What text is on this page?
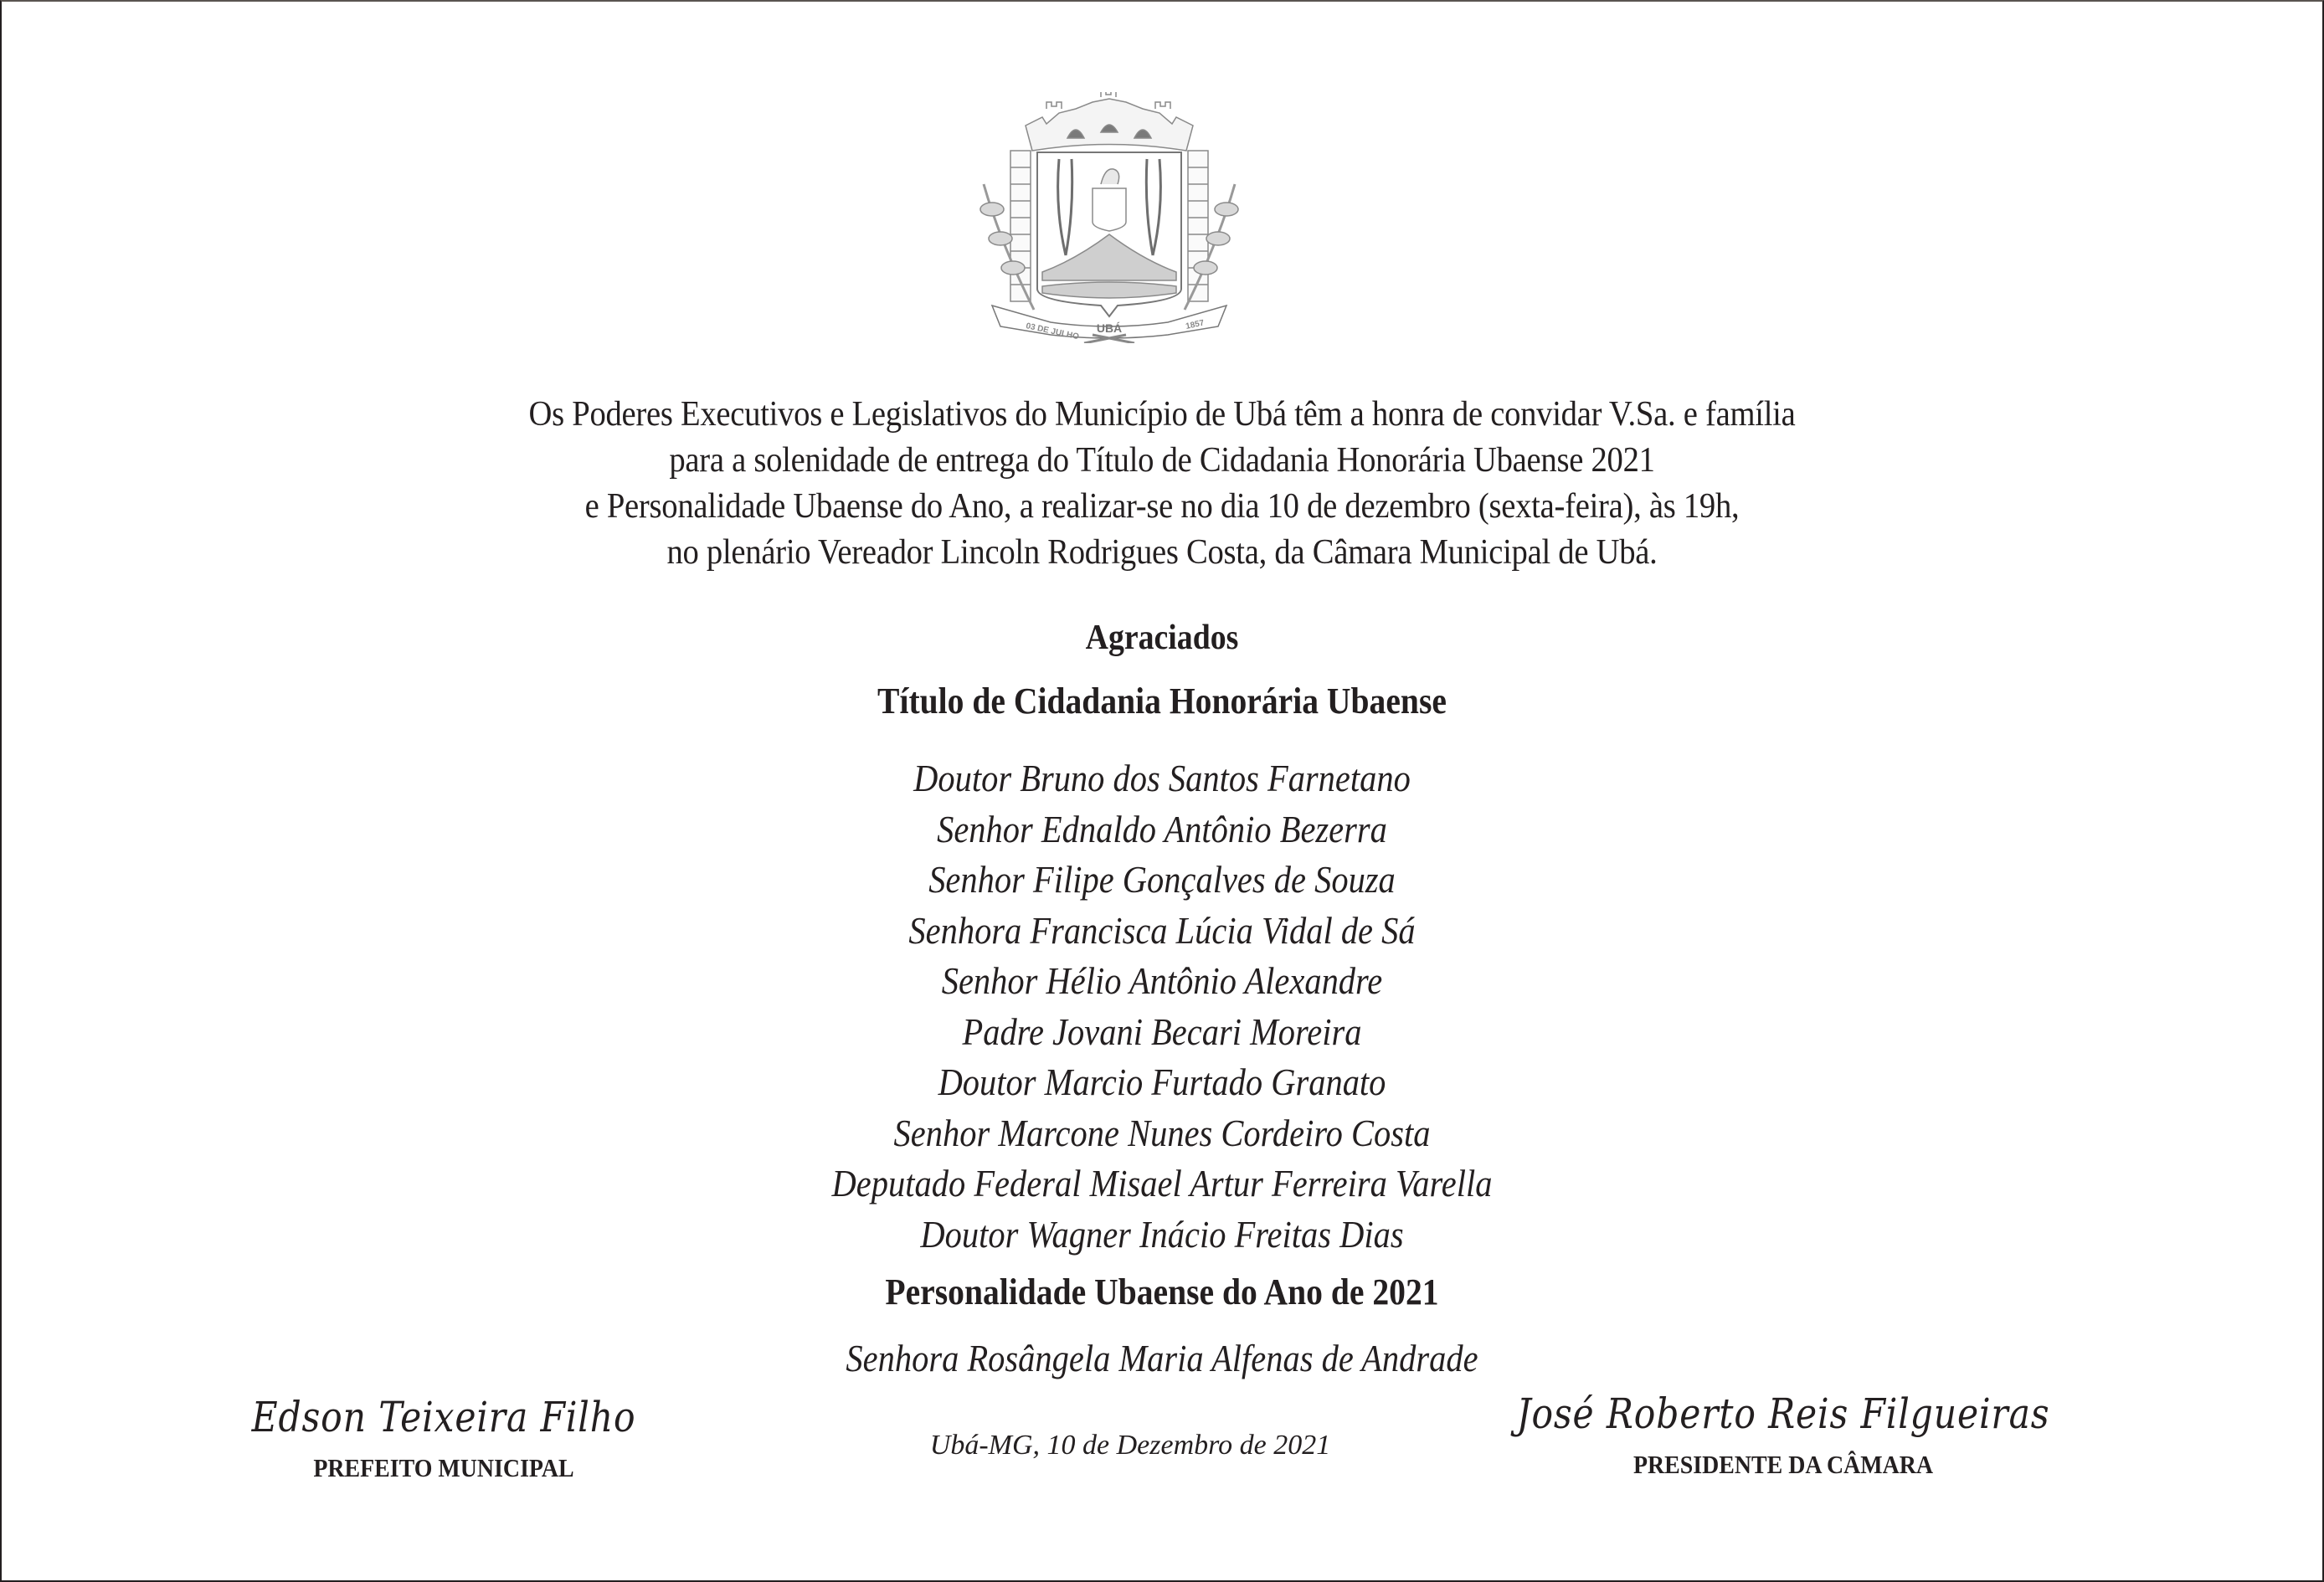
03 DE JULHO UBÁ	1857
Os Poderes Executivos e Legislativos do Município de Ubá têm a honra de convidar V.Sa. e família
para a solenidade de entrega do Título de Cidadania Honorária Ubaense 2021
e Personalidade Ubaense do Ano, a realizar-se no dia 10 de dezembro (sexta-feira), às 19h,
no plenário Vereador Lincoln Rodrigues Costa, da Câmara Municipal de Ubá.
Agraciados
Título de Cidadania Honorária Ubaense
Doutor Bruno dos Santos Farnetano
Senhor Ednaldo Antônio Bezerra
Senhor Filipe Gonçalves de Souza
Senhora Francisca Lúcia Vidal de Sá
Senhor Hélio Antônio Alexandre
Padre Jovani Becari Moreira
Doutor Marcio Furtado Granato
Senhor Marcone Nunes Cordeiro Costa
Deputado Federal Misael Artur Ferreira Varella
Doutor Wagner Inácio Freitas Dias
Personalidade Ubaense do Ano de 2021
Senhora Rosângela Maria Alfenas de Andrade
Edson Teixeira Filho
PREFEITO MUNICIPAL
Ubá-MG, 10 de Dezembro de 2021
José Roberto Reis Filgueiras
PRESIDENTE DA CÂMARA
